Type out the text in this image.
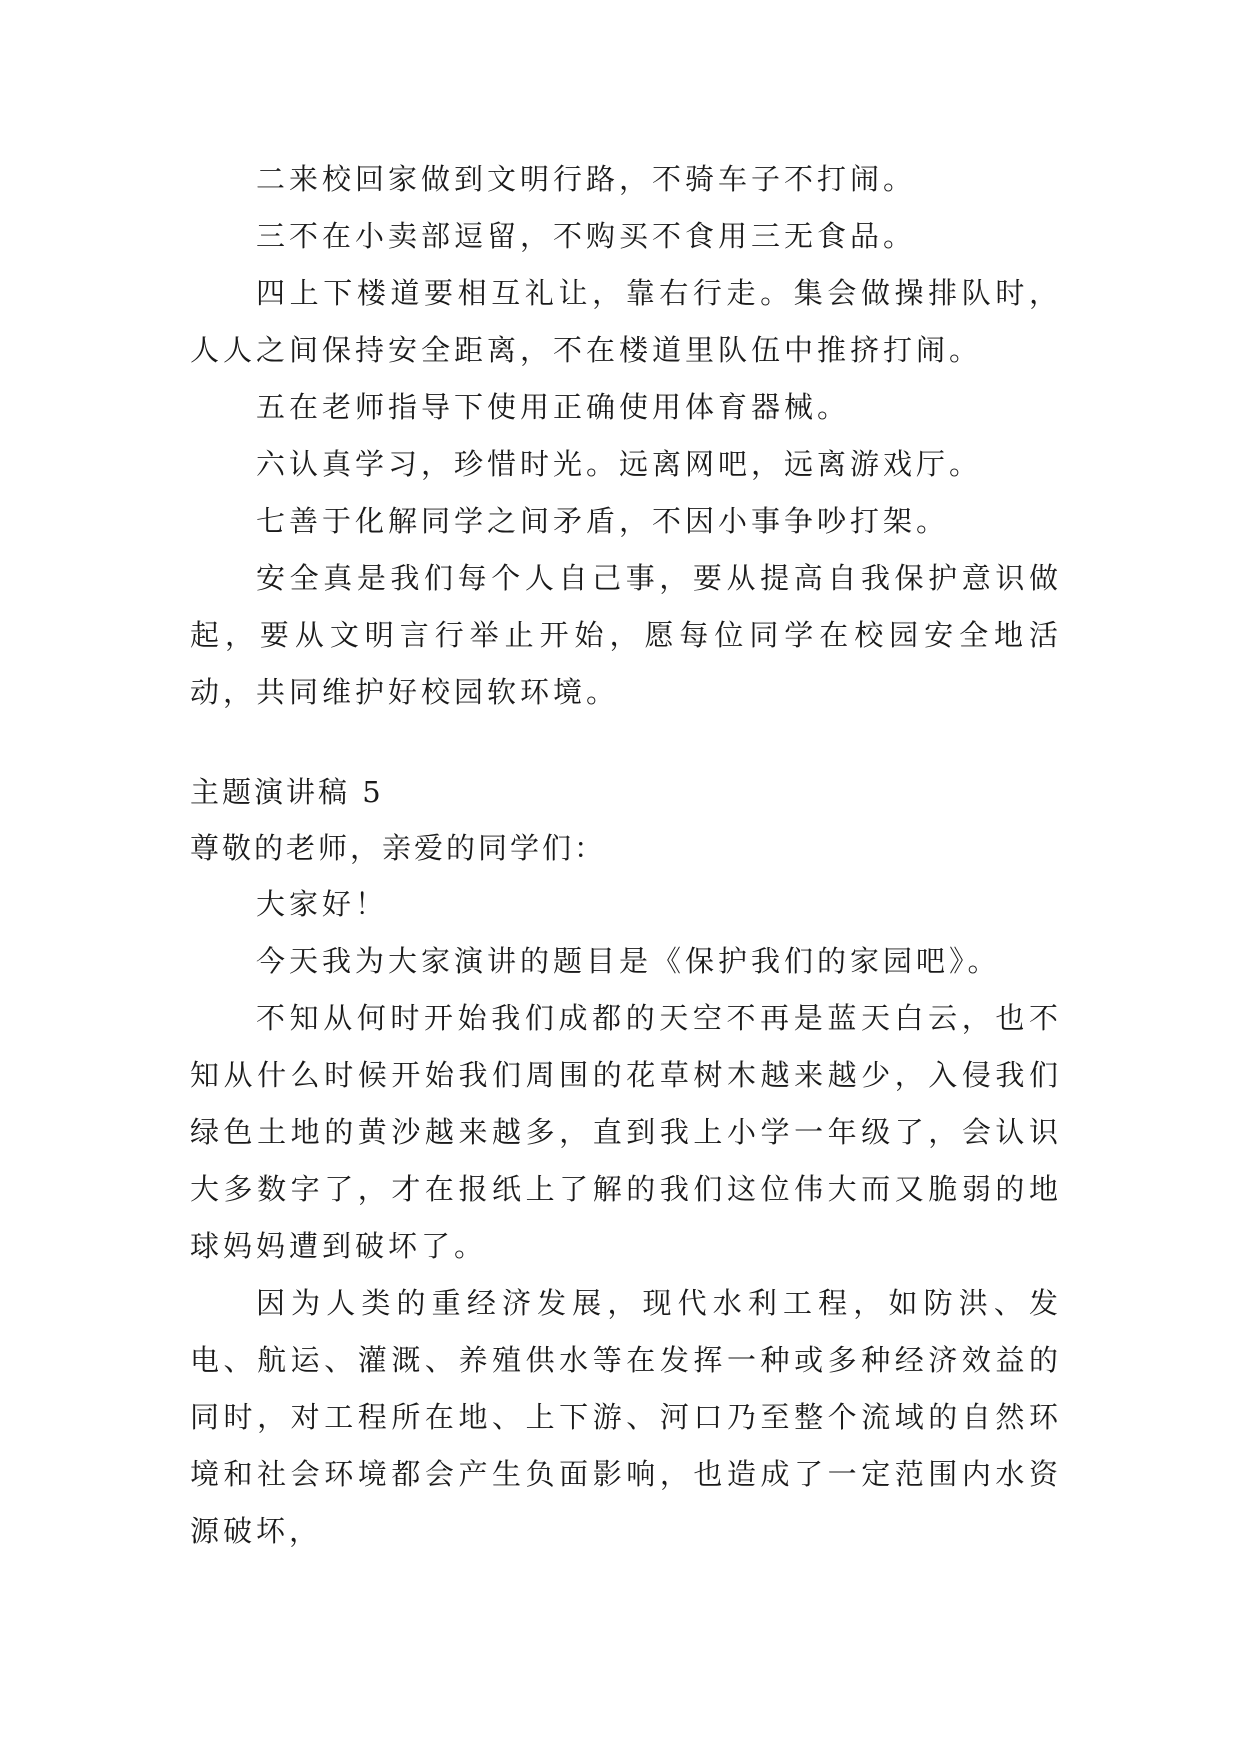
二来校回家做到文明行路，不骑车子不打闹。

三不在小卖部逗留，不购买不食用三无食品。

四上下楼道要相互礼让，靠右行走。集会做操排队时，人人之间保持安全距离，不在楼道里队伍中推挤打闹。

五在老师指导下使用正确使用体育器械。

六认真学习，珍惜时光。远离网吧，远离游戏厅。

七善于化解同学之间矛盾，不因小事争吵打架。

安全真是我们每个人自己事，要从提高自我保护意识做起，要从文明言行举止开始，愿每位同学在校园安全地活动，共同维护好校园软环境。

主题演讲稿 5

尊敬的老师，亲爱的同学们：

大家好！

今天我为大家演讲的题目是《保护我们的家园吧》。

不知从何时开始我们成都的天空不再是蓝天白云，也不知从什么时候开始我们周围的花草树木越来越少，入侵我们绿色土地的黄沙越来越多，直到我上小学一年级了，会认识大多数字了，才在报纸上了解的我们这位伟大而又脆弱的地球妈妈遭到破坏了。

因为人类的重经济发展，现代水利工程，如防洪、发电、航运、灌溉、养殖供水等在发挥一种或多种经济效益的同时，对工程所在地、上下游、河口乃至整个流域的自然环境和社会环境都会产生负面影响，也造成了一定范围内水资源破坏，
